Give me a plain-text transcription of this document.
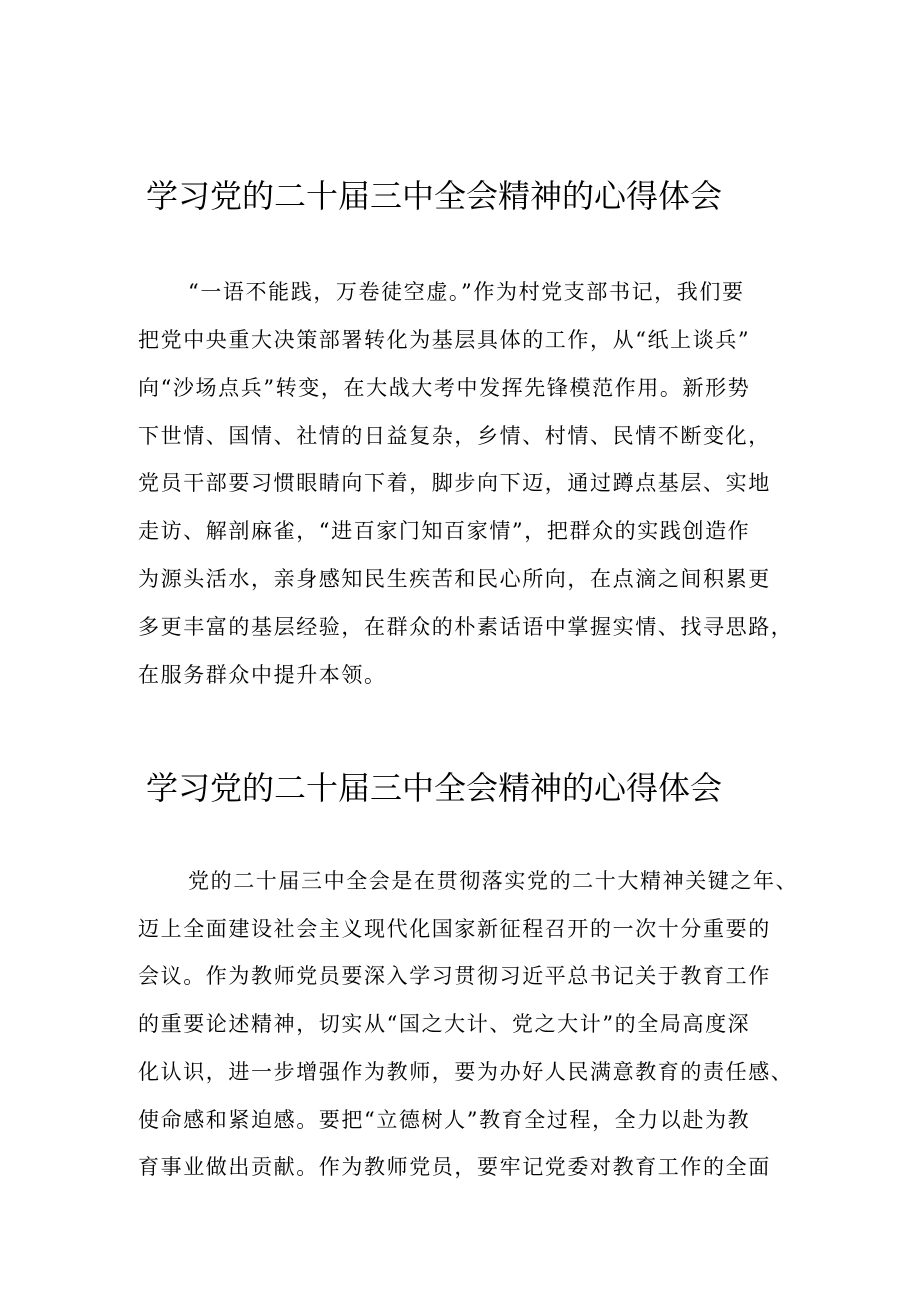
学习党的二十届三中全会精神的心得体会
“一语不能践，万卷徒空虚。”作为村党支部书记，我们要
把党中央重大决策部署转化为基层具体的工作，从“纸上谈兵”
向“沙场点兵”转变，在大战大考中发挥先锋模范作用。新形势
下世情、国情、社情的日益复杂，乡情、村情、民情不断变化，
党员干部要习惯眼睛向下着，脚步向下迈，通过蹲点基层、实地
走访、解剖麻雀，“进百家门知百家情”，把群众的实践创造作
为源头活水，亲身感知民生疾苦和民心所向，在点滴之间积累更
多更丰富的基层经验，在群众的朴素话语中掌握实情、找寻思路，
在服务群众中提升本领。
学习党的二十届三中全会精神的心得体会
党的二十届三中全会是在贯彻落实党的二十大精神关键之年、
迈上全面建设社会主义现代化国家新征程召开的一次十分重要的
会议。作为教师党员要深入学习贯彻习近平总书记关于教育工作
的重要论述精神，切实从“国之大计、党之大计”的全局高度深
化认识，进一步增强作为教师，要为办好人民满意教育的责任感、
使命感和紧迫感。要把“立德树人”教育全过程，全力以赴为教
育事业做出贡献。作为教师党员，要牢记党委对教育工作的全面
